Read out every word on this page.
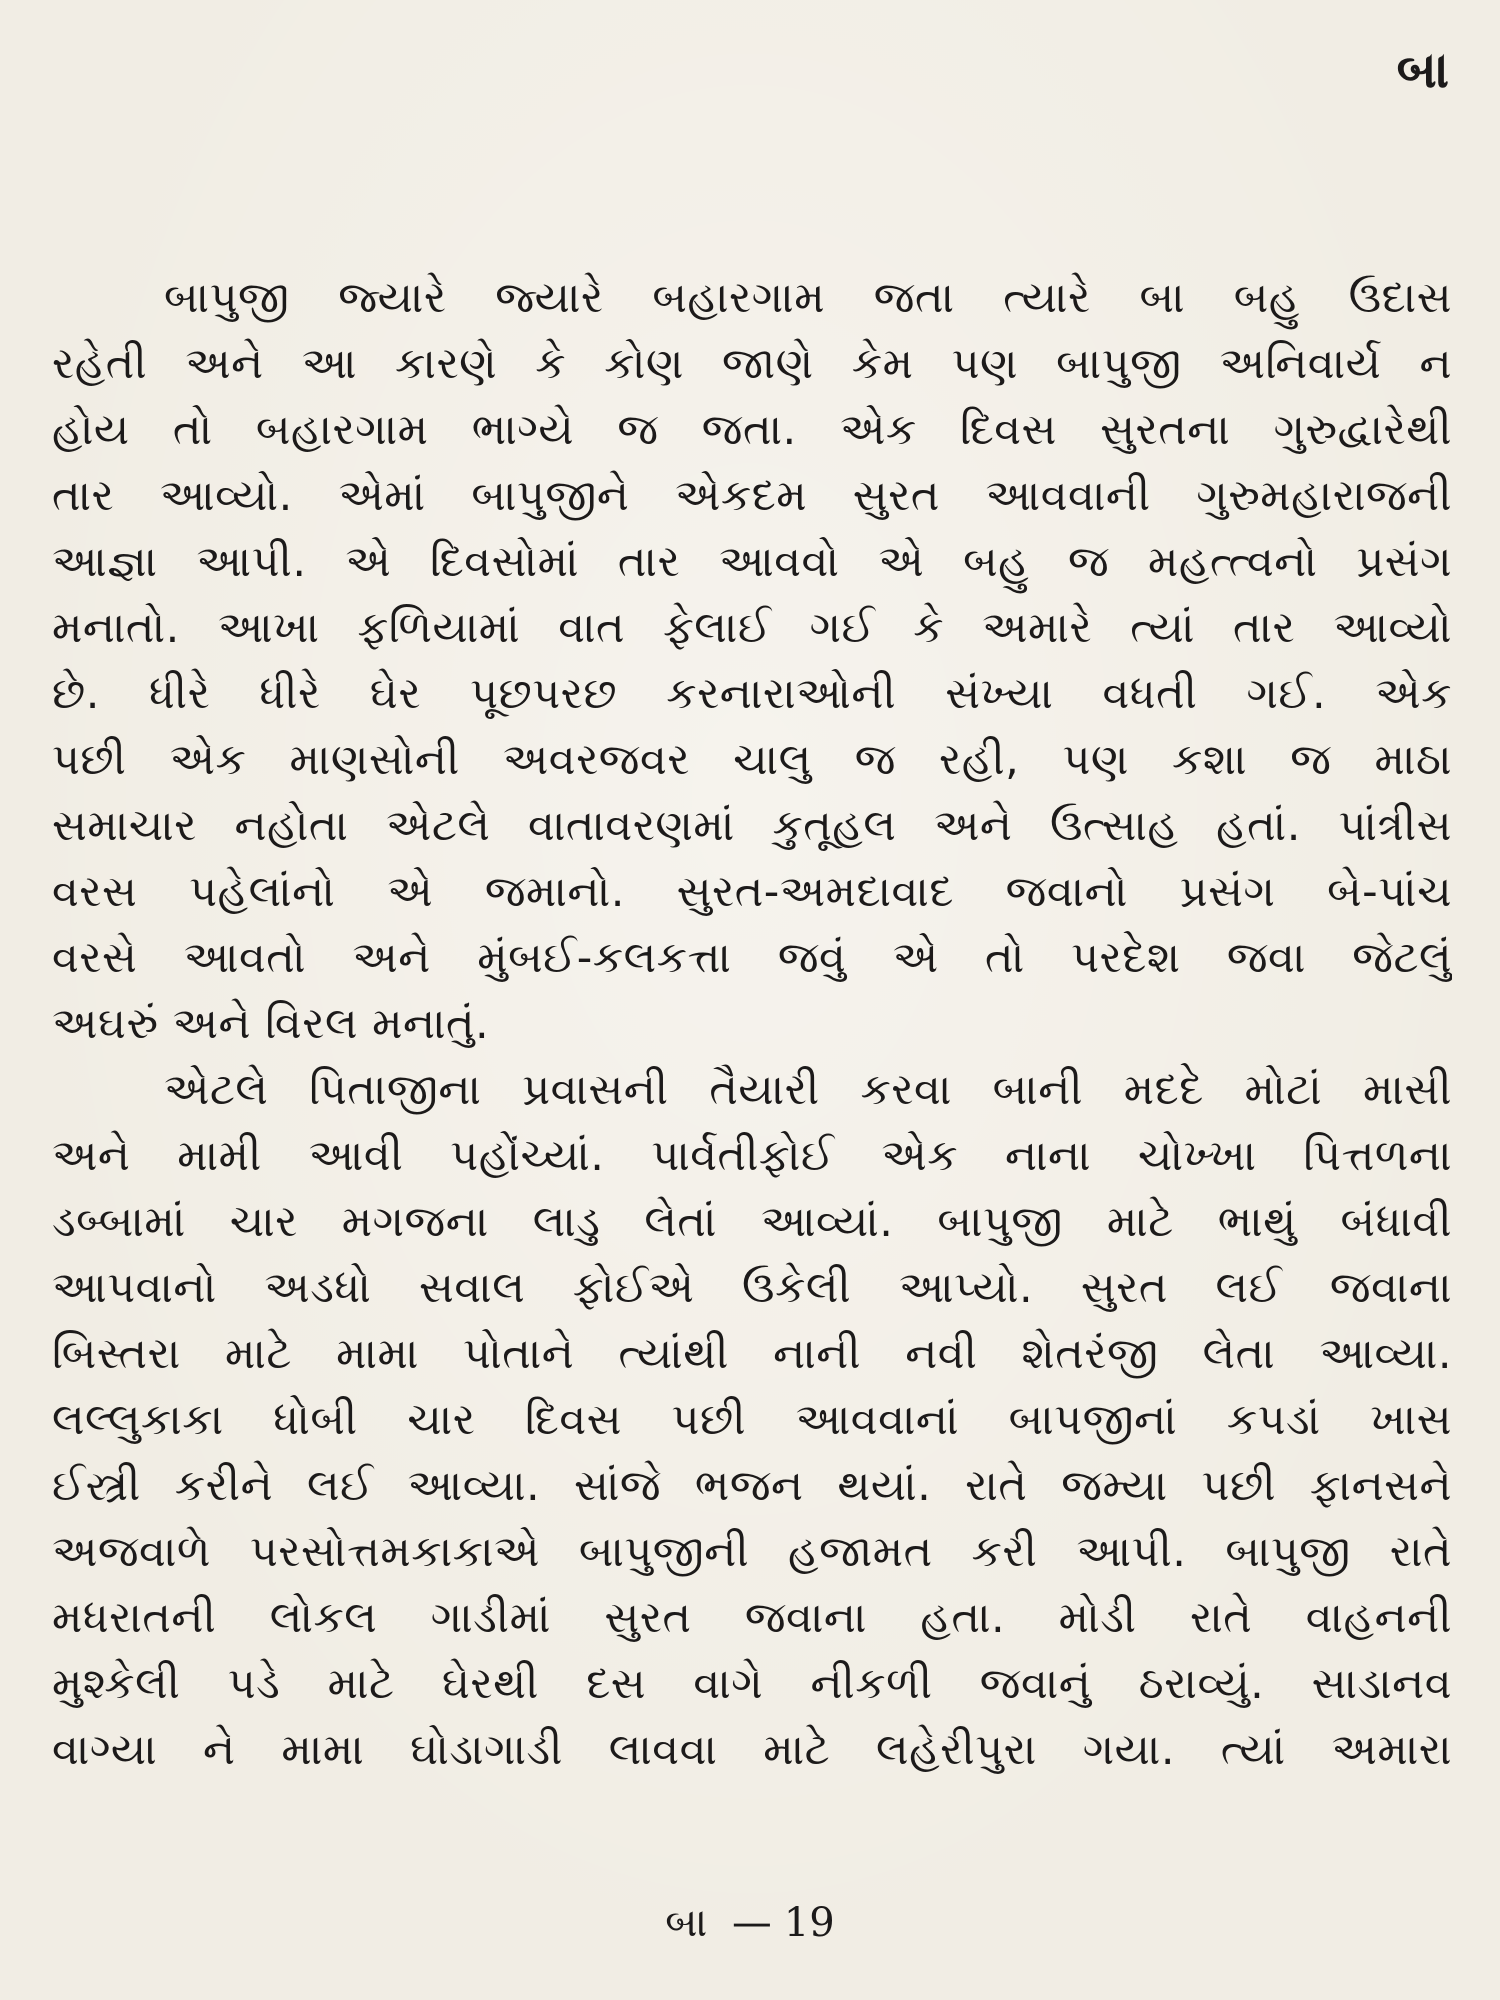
બા
બાપુજી જ્યારે જ્યારે બહારગામ જતા ત્યારે બા બહુ ઉદાસ
રહેતી અને આ કારણે કે કોણ જાણે કેમ પણ બાપુજી અનિવાર્ય ન
હોય તો બહારગામ ભાગ્યે જ જતા. એક દિવસ સુરતના ગુરુદ્વારેથી
તાર આવ્યો. એમાં બાપુજીને એકદમ સુરત આવવાની ગુરુમહારાજની
આજ્ઞા આપી. એ દિવસોમાં તાર આવવો એ બહુ જ મહત્ત્વનો પ્રસંગ
મનાતો. આખા ફળિયામાં વાત ફેલાઈ ગઈ કે અમારે ત્યાં તાર આવ્યો
છે. ધીરે ધીરે ઘેર પૂછપરછ કરનારાઓની સંખ્યા વધતી ગઈ. એક
પછી એક માણસોની અવરજવર ચાલુ જ રહી, પણ કશા જ માઠા
સમાચાર નહોતા એટલે વાતાવરણમાં કુતૂહલ અને ઉત્સાહ હતાં. પાંત્રીસ
વરસ પહેલાંનો એ જમાનો. સુરત-અમદાવાદ જવાનો પ્રસંગ બે-પાંચ
વરસે આવતો અને મુંબઈ-કલકત્તા જવું એ તો પરદેશ જવા જેટલું
અઘરું અને વિરલ મનાતું.
એટલે પિતાજીના પ્રવાસની તૈયારી કરવા બાની મદદે મોટાં માસી
અને મામી આવી પહોંચ્યાં. પાર્વતીફોઈ એક નાના ચોખ્ખા પિત્તળના
ડબ્બામાં ચાર મગજના લાડુ લેતાં આવ્યાં. બાપુજી માટે ભાથું બંધાવી
આપવાનો અડધો સવાલ ફોઈએ ઉકેલી આપ્યો. સુરત લઈ જવાના
બિસ્તરા માટે મામા પોતાને ત્યાંથી નાની નવી શેતરંજી લેતા આવ્યા.
લલ્લુકાકા ધોબી ચાર દિવસ પછી આવવાનાં બાપજીનાં કપડાં ખાસ
ઈસ્ત્રી કરીને લઈ આવ્યા. સાંજે ભજન થયાં. રાતે જમ્યા પછી ફાનસને
અજવાળે પરસોત્તમકાકાએ બાપુજીની હજામત કરી આપી. બાપુજી રાતે
મધરાતની લોકલ ગાડીમાં સુરત જવાના હતા. મોડી રાતે વાહનની
મુશ્કેલી પડે માટે ઘેરથી દસ વાગે નીકળી જવાનું ઠરાવ્યું. સાડાનવ
વાગ્યા ને મામા ઘોડાગાડી લાવવા માટે લહેરીપુરા ગયા. ત્યાં અમારા
બા — 19
